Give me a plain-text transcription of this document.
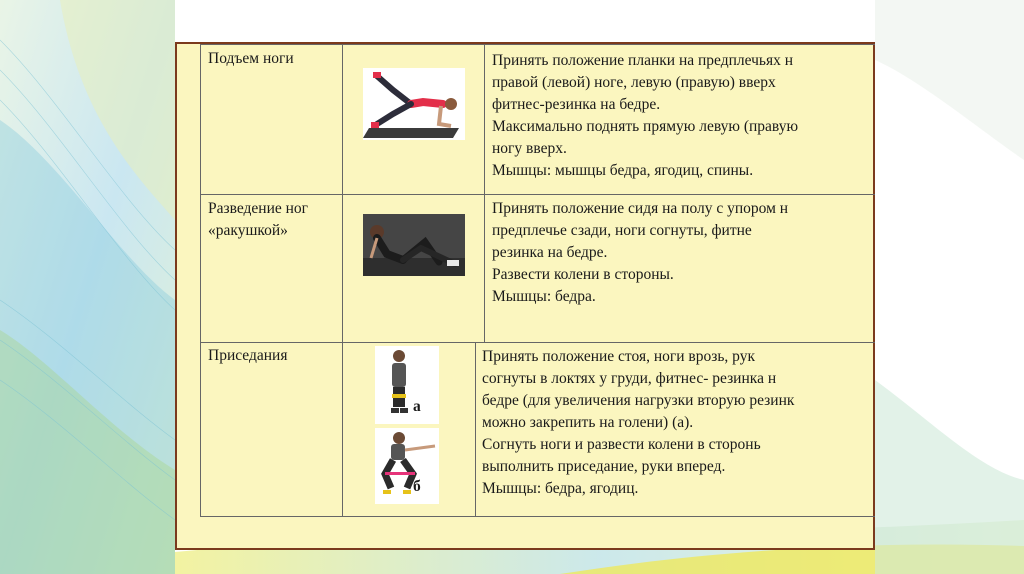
Подъем ноги	Принять положение планки на предплечьях н
правой (левой) ноге, левую (правую) вверх
фитнес-резинка на бедре.
Максимально поднять прямую левую (правую
ногу вверх.
Мышцы: мышцы бедра, ягодиц, спины.
Разведение ног
«ракушкой»
Принять положение сидя на полу с упором н
предплечье сзади, ноги согнуты, фитне
резинка на бедре.
Развести колени в стороны.
Мышцы: бедра.
Приседания
а
б
Принять положение стоя, ноги врозь, рук
согнуты в локтях у груди, фитнес- резинка н
бедре (для увеличения нагрузки вторую резинк
можно закрепить на голени) (а).
Согнуть ноги и развести колени в сторонь
выполнить приседание, руки вперед.
Мышцы: бедра, ягодиц.
